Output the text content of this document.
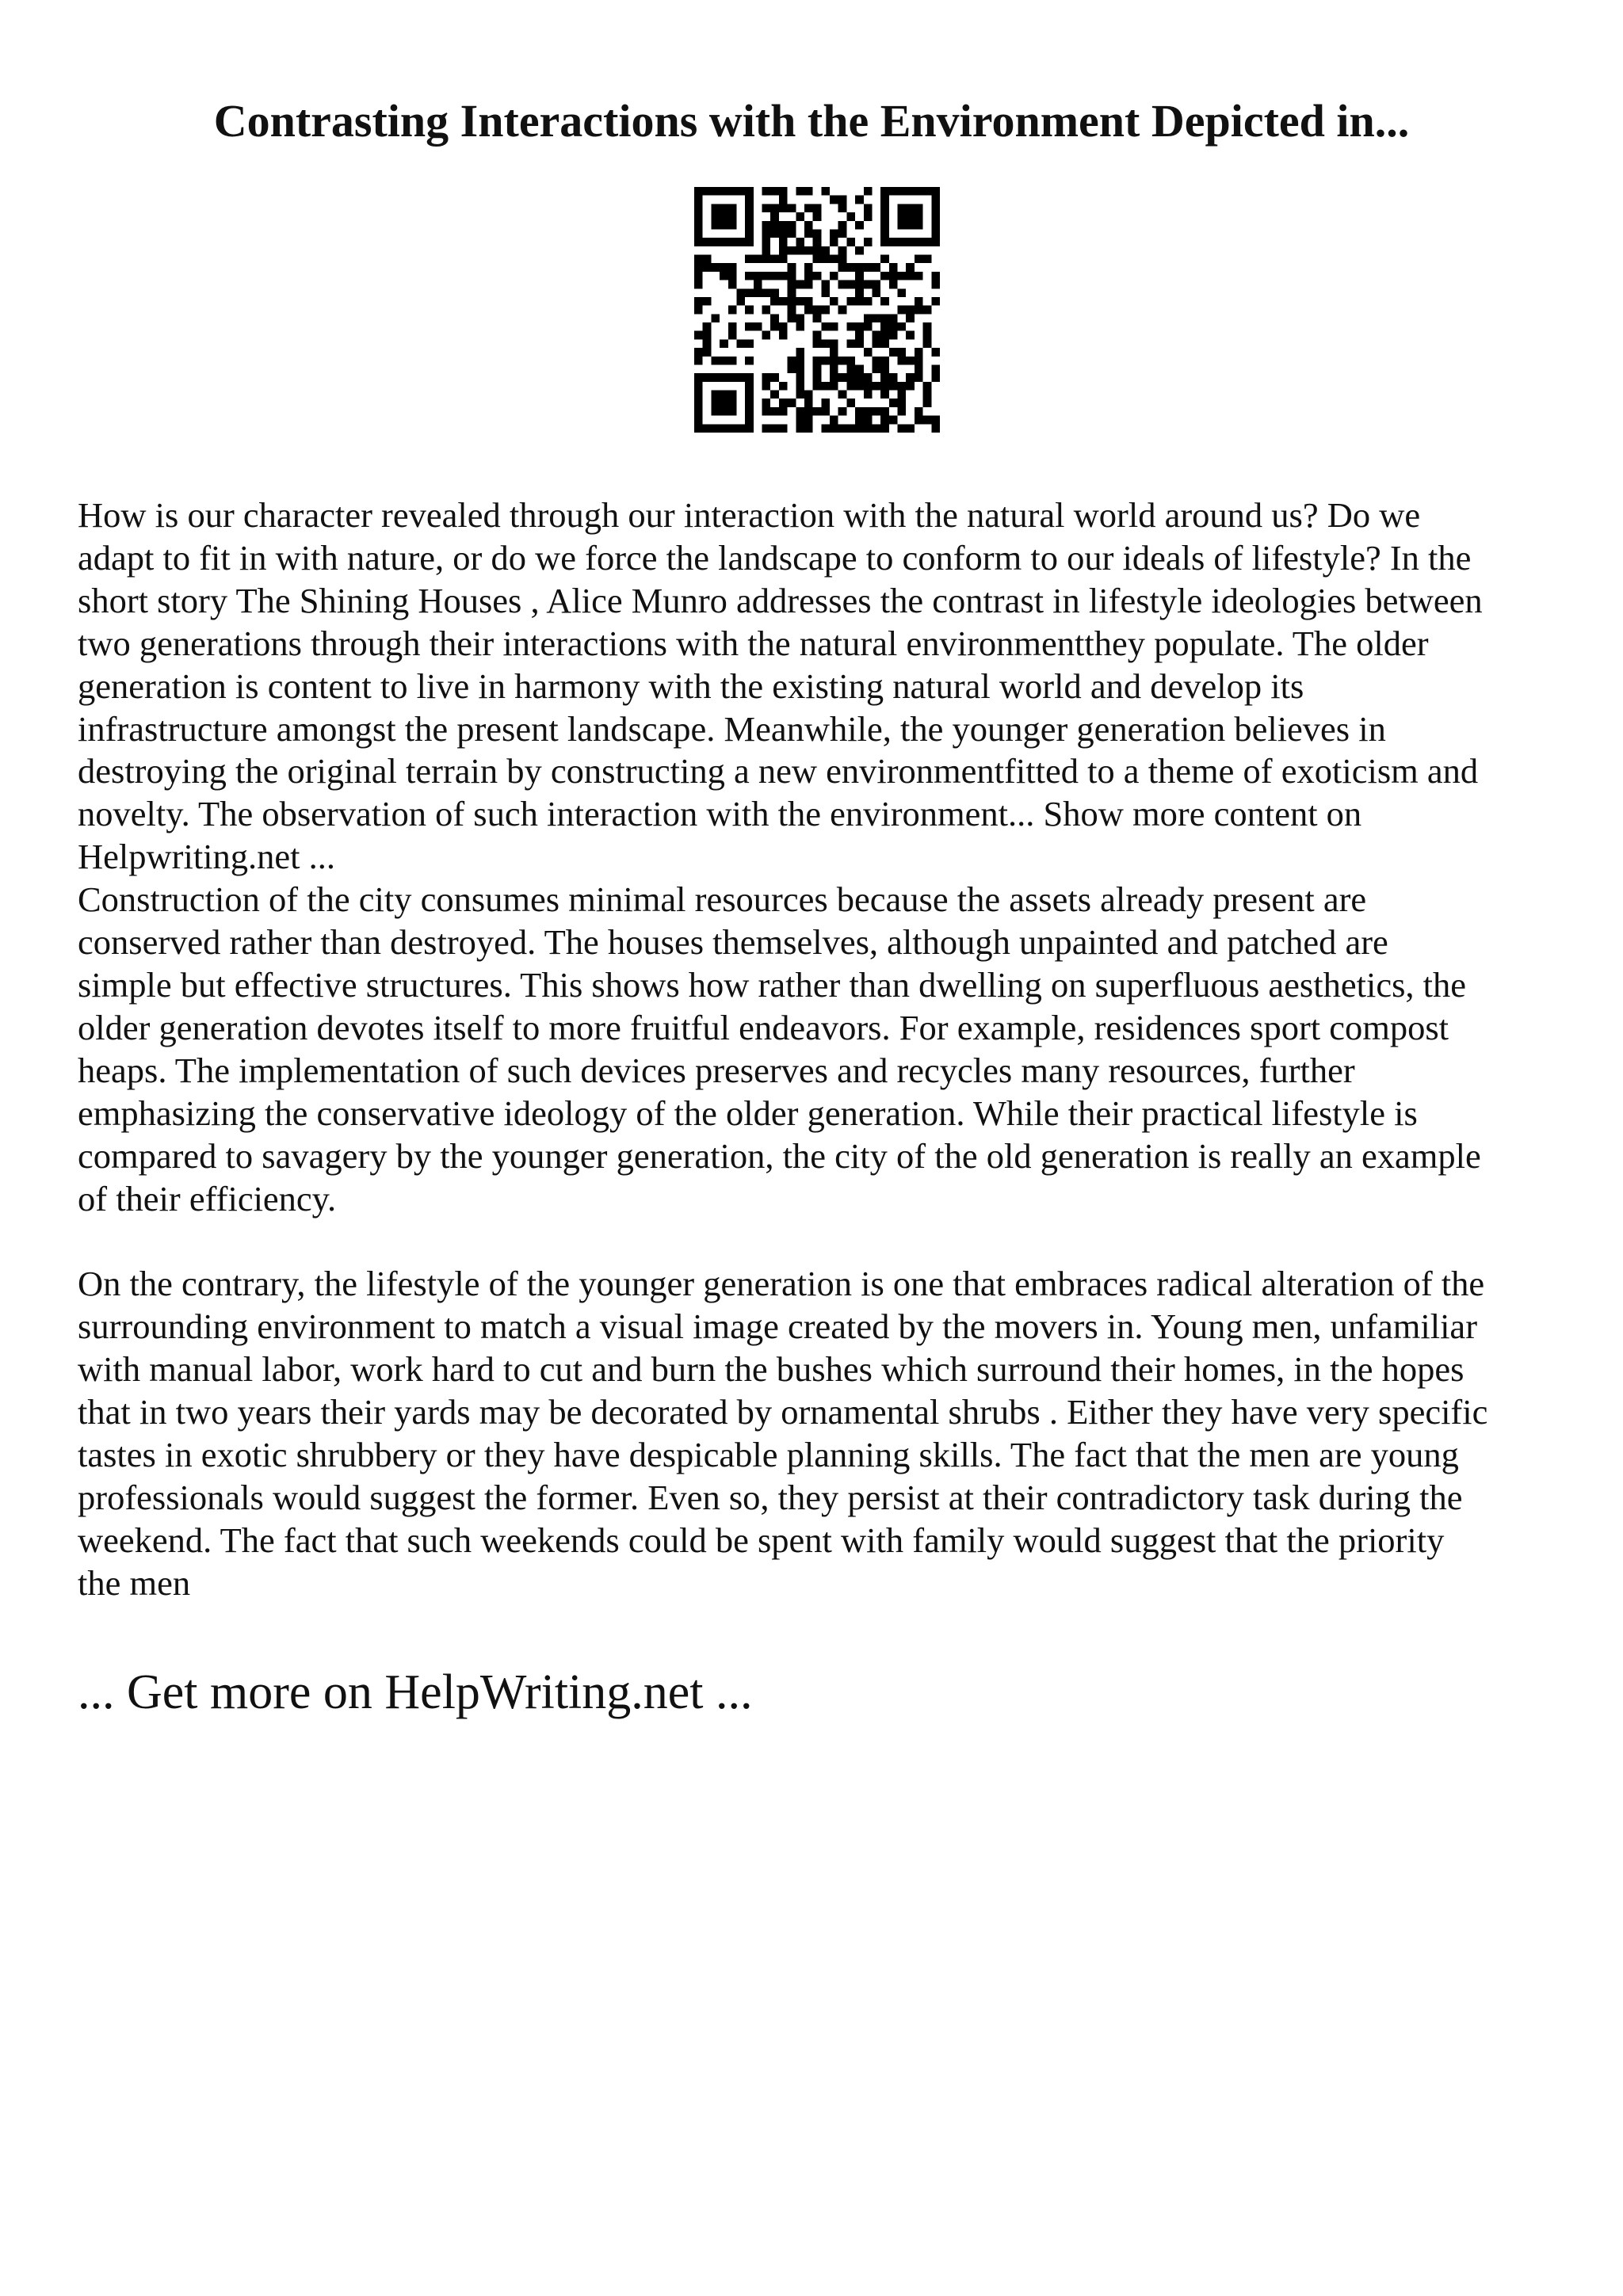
Contrasting Interactions with the Environment Depicted in...

How is our character revealed through our interaction with the natural world around us? Do we
adapt to fit in with nature, or do we force the landscape to conform to our ideals of lifestyle? In the
short story The Shining Houses , Alice Munro addresses the contrast in lifestyle ideologies between
two generations through their interactions with the natural environmentthey populate. The older
generation is content to live in harmony with the existing natural world and develop its
infrastructure amongst the present landscape. Meanwhile, the younger generation believes in
destroying the original terrain by constructing a new environmentfitted to a theme of exoticism and
novelty. The observation of such interaction with the environment... Show more content on
Helpwriting.net ...

Construction of the city consumes minimal resources because the assets already present are
conserved rather than destroyed. The houses themselves, although unpainted and patched are
simple but effective structures. This shows how rather than dwelling on superfluous aesthetics, the
older generation devotes itself to more fruitful endeavors. For example, residences sport compost
heaps. The implementation of such devices preserves and recycles many resources, further
emphasizing the conservative ideology of the older generation. While their practical lifestyle is
compared to savagery by the younger generation, the city of the old generation is really an example
of their efficiency.

On the contrary, the lifestyle of the younger generation is one that embraces radical alteration of the
surrounding environment to match a visual image created by the movers in. Young men, unfamiliar
with manual labor, work hard to cut and burn the bushes which surround their homes, in the hopes
that in two years their yards may be decorated by ornamental shrubs . Either they have very specific
tastes in exotic shrubbery or they have despicable planning skills. The fact that the men are young
professionals would suggest the former. Even so, they persist at their contradictory task during the
weekend. The fact that such weekends could be spent with family would suggest that the priority
the men

... Get more on HelpWriting.net ...
